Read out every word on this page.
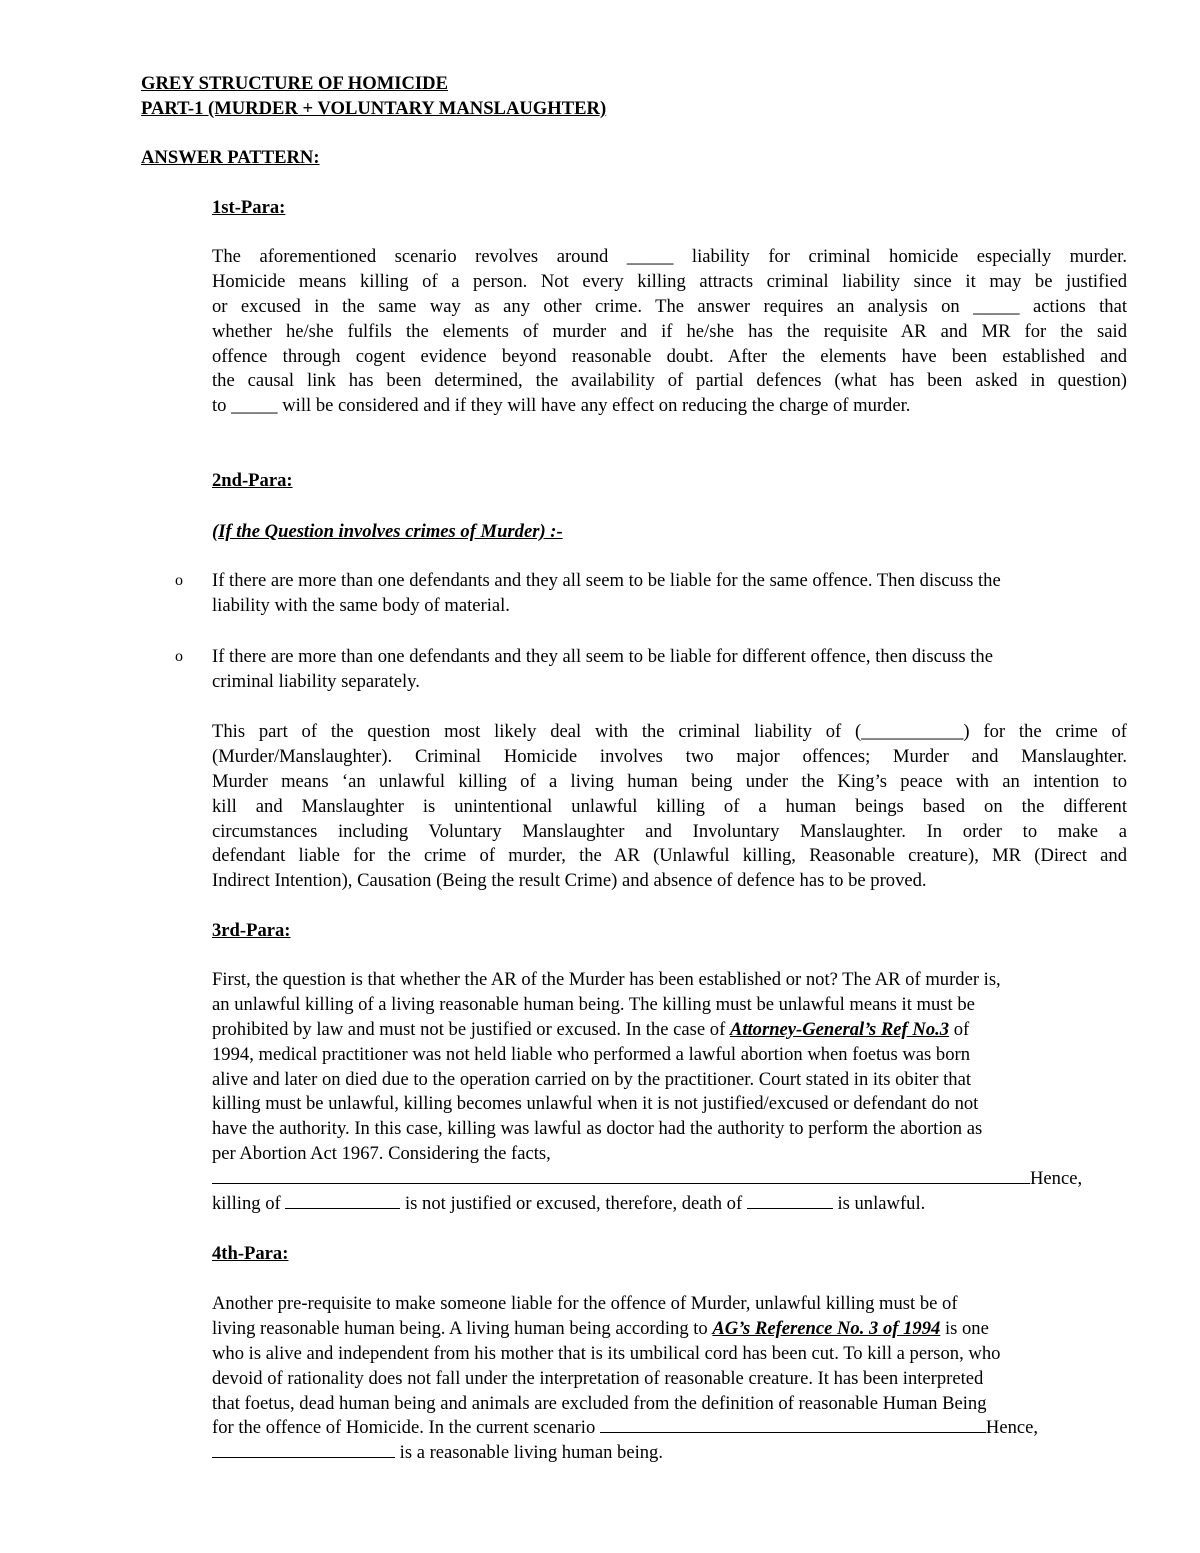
GREY STRUCTURE OF HOMICIDE
PART-1 (MURDER + VOLUNTARY MANSLAUGHTER)
ANSWER PATTERN:
1st-Para:
The aforementioned scenario revolves around _____ liability for criminal homicide especially murder.
Homicide means killing of a person. Not every killing attracts criminal liability since it may be justified
or excused in the same way as any other crime. The answer requires an analysis on _____ actions that
whether he/she fulfils the elements of murder and if he/she has the requisite AR and MR for the said
offence through cogent evidence beyond reasonable doubt. After the elements have been established and
the causal link has been determined, the availability of partial defences (what has been asked in question)
to _____ will be considered and if they will have any effect on reducing the charge of murder.
2nd-Para:
(If the Question involves crimes of Murder) :-
o If there are more than one defendants and they all seem to be liable for the same offence. Then discuss the
liability with the same body of material.
o If there are more than one defendants and they all seem to be liable for different offence, then discuss the
criminal liability separately.
This part of the question most likely deal with the criminal liability of (___________) for the crime of
(Murder/Manslaughter). Criminal Homicide involves two major offences; Murder and Manslaughter.
Murder means ‘an unlawful killing of a living human being under the King’s peace with an intention to
kill and Manslaughter is unintentional unlawful killing of a human beings based on the different
circumstances including Voluntary Manslaughter and Involuntary Manslaughter. In order to make a
defendant liable for the crime of murder, the AR (Unlawful killing, Reasonable creature), MR (Direct and
Indirect Intention), Causation (Being the result Crime) and absence of defence has to be proved.
3rd-Para:
First, the question is that whether the AR of the Murder has been established or not? The AR of murder is,
an unlawful killing of a living reasonable human being. The killing must be unlawful means it must be
prohibited by law and must not be justified or excused. In the case of Attorney-General’s Ref No.3 of
1994, medical practitioner was not held liable who performed a lawful abortion when foetus was born
alive and later on died due to the operation carried on by the practitioner. Court stated in its obiter that
killing must be unlawful, killing becomes unlawful when it is not justified/excused or defendant do not
have the authority. In this case, killing was lawful as doctor had the authority to perform the abortion as
per Abortion Act 1967. Considering the facts,
Hence,
killing of	is not justified or excused, therefore, death of	is unlawful.
4th-Para:
Another pre-requisite to make someone liable for the offence of Murder, unlawful killing must be of
living reasonable human being. A living human being according to AG’s Reference No. 3 of 1994 is one
who is alive and independent from his mother that is its umbilical cord has been cut. To kill a person, who
devoid of rationality does not fall under the interpretation of reasonable creature. It has been interpreted
that foetus, dead human being and animals are excluded from the definition of reasonable Human Being
for the offence of Homicide. In the current scenario	Hence,
is a reasonable living human being.
